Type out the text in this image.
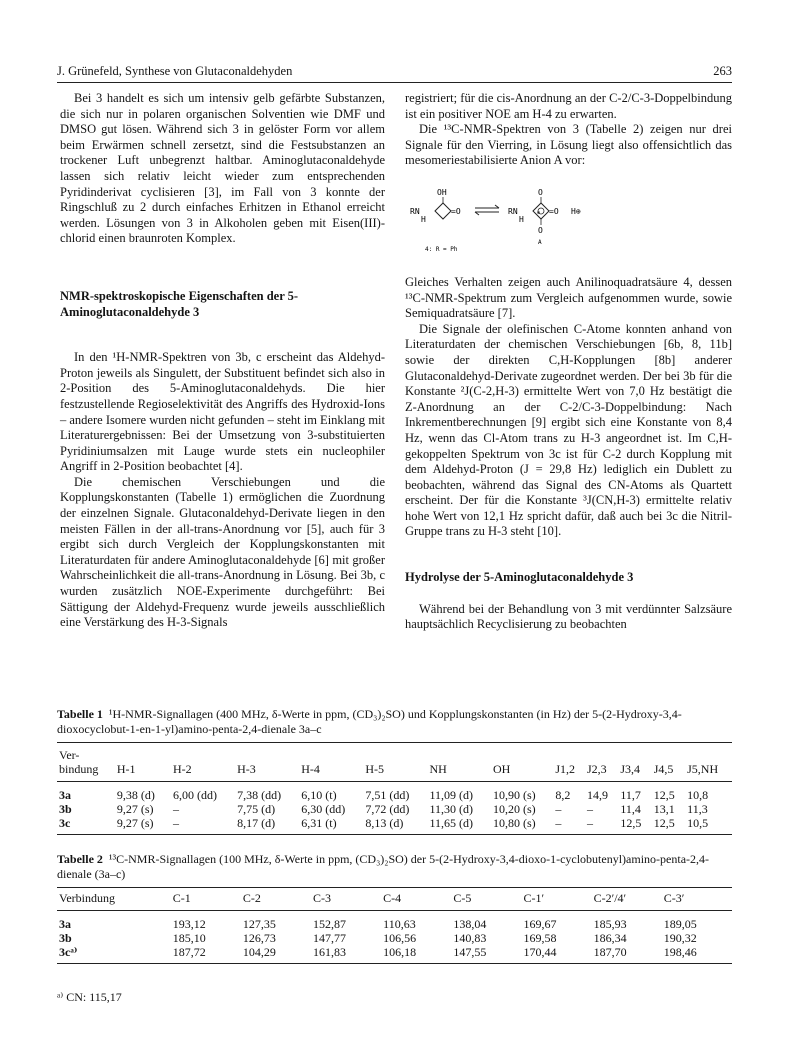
J. Grünefeld, Synthese von Glutaconaldehyden	263

Bei 3 handelt es sich um intensiv gelb gefärbte Substanzen, die sich nur in polaren organischen Solventien wie DMF und DMSO gut lösen. Während sich 3 in gelöster Form vor allem beim Erwärmen schnell zersetzt, sind die Festsubstanzen an trockener Luft unbegrenzt haltbar. Aminoglutaconaldehyde lassen sich relativ leicht wieder zum entsprechenden Pyridinderivat cyclisieren [3], im Fall von 3 konnte der Ringschluß zu 2 durch einfaches Erhitzen in Ethanol erreicht werden. Lösungen von 3 in Alkoholen geben mit Eisen(III)-chlorid einen braunroten Komplex.

NMR-spektroskopische Eigenschaften der 5-Aminoglutaconaldehyde 3

In den ¹H-NMR-Spektren von 3b, c erscheint das Aldehyd-Proton jeweils als Singulett, der Substituent befindet sich also in 2-Position des 5-Aminoglutaconaldehyds. Die hier festzustellende Regioselektivität des Angriffs des Hydroxid-Ions – andere Isomere wurden nicht gefunden – steht im Einklang mit Literaturergebnissen: Bei der Umsetzung von 3-substituierten Pyridiniumsalzen mit Lauge wurde stets ein nucleophiler Angriff in 2-Position beobachtet [4].

Die chemischen Verschiebungen und die Kopplungskonstanten (Tabelle 1) ermöglichen die Zuordnung der einzelnen Signale. Glutaconaldehyd-Derivate liegen in den meisten Fällen in der all-trans-Anordnung vor [5], auch für 3 ergibt sich durch Vergleich der Kopplungskonstanten mit Literaturdaten für andere Aminoglutaconaldehyde [6] mit großer Wahrscheinlichkeit die all-trans-Anordnung in Lösung. Bei 3b, c wurden zusätzlich NOE-Experimente durchgeführt: Bei Sättigung der Aldehyd-Frequenz wurde jeweils ausschließlich eine Verstärkung des H-3-Signals

registriert; für die cis-Anordnung an der C-2/C-3-Doppelbindung ist ein positiver NOE am H-4 zu erwarten.

Die ¹³C-NMR-Spektren von 3 (Tabelle 2) zeigen nur drei Signale für den Vierring, in Lösung liegt also offensichtlich das mesomeriestabilisierte Anion A vor:

OH
RN
H
=O
O
RN
H
=O
O
⊖	H⊕
4: R = Ph
A

Gleiches Verhalten zeigen auch Anilinoquadratsäure 4, dessen ¹³C-NMR-Spektrum zum Vergleich aufgenommen wurde, sowie Semiquadratsäure [7].

Die Signale der olefinischen C-Atome konnten anhand von Literaturdaten der chemischen Verschiebungen [6b, 8, 11b] sowie der direkten C,H-Kopplungen [8b] anderer Glutaconaldehyd-Derivate zugeordnet werden. Der bei 3b für die Konstante ²J(C-2,H-3) ermittelte Wert von 7,0 Hz bestätigt die Z-Anordnung an der C-2/C-3-Doppelbindung: Nach Inkrementberechnungen [9] ergibt sich eine Konstante von 8,4 Hz, wenn das Cl-Atom trans zu H-3 angeordnet ist. Im C,H-gekoppelten Spektrum von 3c ist für C-2 durch Kopplung mit dem Aldehyd-Proton (J = 29,8 Hz) lediglich ein Dublett zu beobachten, während das Signal des CN-Atoms als Quartett erscheint. Der für die Konstante ³J(CN,H-3) ermittelte relativ hohe Wert von 12,1 Hz spricht dafür, daß auch bei 3c die Nitril-Gruppe trans zu H-3 steht [10].

Hydrolyse der 5-Aminoglutaconaldehyde 3

Während bei der Behandlung von 3 mit verdünnter Salzsäure hauptsächlich Recyclisierung zu beobachten

Tabelle 1 ¹H-NMR-Signallagen (400 MHz, δ-Werte in ppm, (CD₃)₂SO) und Kopplungskonstanten (in Hz) der 5-(2-Hydroxy-3,4-dioxocyclobut-1-en-1-yl)amino-penta-2,4-dienale 3a–c
Ver-												
bindung	H-1	H-2	H-3	H-4	H-5	NH	OH	J1,2	J2,3	J3,4	J4,5	J5,NH
3a	9,38 (d)	6,00 (dd)	7,38 (dd)	6,10 (t)	7,51 (dd)	11,09 (d)	10,90 (s)	8,2	14,9	11,7	12,5	10,8
3b	9,27 (s)	–	7,75 (d)	6,30 (dd)	7,72 (dd)	11,30 (d)	10,20 (s)	–	–	11,4	13,1	11,3
3c	9,27 (s)	–	8,17 (d)	6,31 (t)	8,13 (d)	11,65 (d)	10,80 (s)	–	–	12,5	12,5	10,5
Tabelle 2 ¹³C-NMR-Signallagen (100 MHz, δ-Werte in ppm, (CD₃)₂SO) der 5-(2-Hydroxy-3,4-dioxo-1-cyclobutenyl)amino-penta-2,4-dienale (3a–c)
Verbindung	C-1	C-2	C-3	C-4	C-5	C-1′	C-2′/4′	C-3′
3a	193,12	127,35	152,87	110,63	138,04	169,67	185,93	189,05
3b	185,10	126,73	147,77	106,56	140,83	169,58	186,34	190,32
3cᵃ⁾	187,72	104,29	161,83	106,18	147,55	170,44	187,70	198,46
ᵃ⁾ CN: 115,17
